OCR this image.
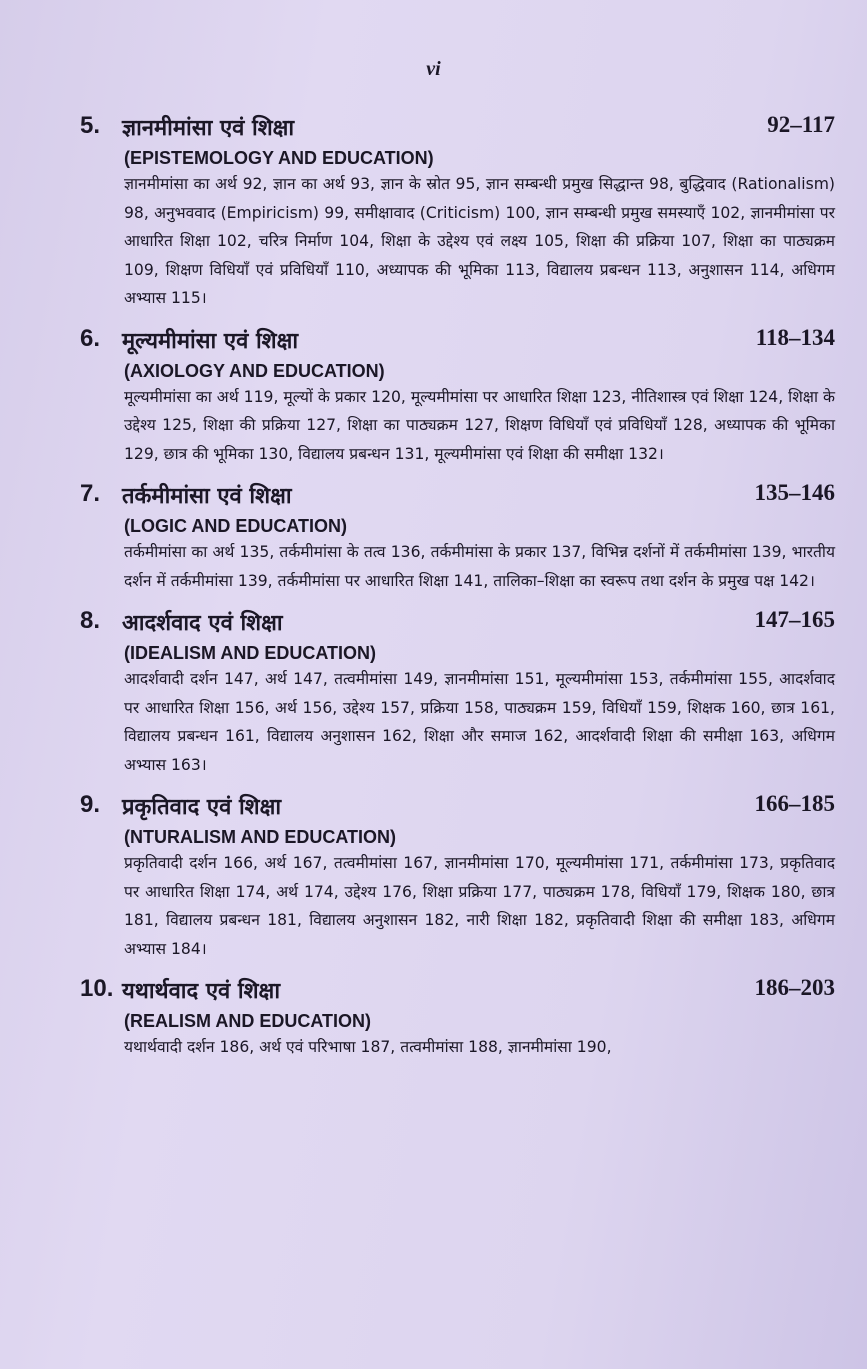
vi
5. ज्ञानमीमांसा एवं शिक्षा	92–117
(EPISTEMOLOGY AND EDUCATION)
ज्ञानमीमांसा का अर्थ 92, ज्ञान का अर्थ 93, ज्ञान के स्रोत 95, ज्ञान सम्बन्धी प्रमुख सिद्धान्त 98, बुद्धिवाद (Rationalism) 98, अनुभववाद (Empiricism) 99, समीक्षावाद (Criticism) 100, ज्ञान सम्बन्धी प्रमुख समस्याएँ 102, ज्ञानमीमांसा पर आधारित शिक्षा 102, चरित्र निर्माण 104, शिक्षा के उद्देश्य एवं लक्ष्य 105, शिक्षा की प्रक्रिया 107, शिक्षा का पाठ्यक्रम 109, शिक्षण विधियाँ एवं प्रविधियाँ 110, अध्यापक की भूमिका 113, विद्यालय प्रबन्धन 113, अनुशासन 114, अधिगम अभ्यास 115।
6. मूल्यमीमांसा एवं शिक्षा	118–134
(AXIOLOGY AND EDUCATION)
मूल्यमीमांसा का अर्थ 119, मूल्यों के प्रकार 120, मूल्यमीमांसा पर आधारित शिक्षा 123, नीतिशास्त्र एवं शिक्षा 124, शिक्षा के उद्देश्य 125, शिक्षा की प्रक्रिया 127, शिक्षा का पाठ्यक्रम 127, शिक्षण विधियाँ एवं प्रविधियाँ 128, अध्यापक की भूमिका 129, छात्र की भूमिका 130, विद्यालय प्रबन्धन 131, मूल्यमीमांसा एवं शिक्षा की समीक्षा 132।
7. तर्कमीमांसा एवं शिक्षा	135–146
(LOGIC AND EDUCATION)
तर्कमीमांसा का अर्थ 135, तर्कमीमांसा के तत्व 136, तर्कमीमांसा के प्रकार 137, विभिन्न दर्शनों में तर्कमीमांसा 139, भारतीय दर्शन में तर्कमीमांसा 139, तर्कमीमांसा पर आधारित शिक्षा 141, तालिका–शिक्षा का स्वरूप तथा दर्शन के प्रमुख पक्ष 142।
8. आदर्शवाद एवं शिक्षा	147–165
(IDEALISM AND EDUCATION)
आदर्शवादी दर्शन 147, अर्थ 147, तत्वमीमांसा 149, ज्ञानमीमांसा 151, मूल्यमीमांसा 153, तर्कमीमांसा 155, आदर्शवाद पर आधारित शिक्षा 156, अर्थ 156, उद्देश्य 157, प्रक्रिया 158, पाठ्यक्रम 159, विधियाँ 159, शिक्षक 160, छात्र 161, विद्यालय प्रबन्धन 161, विद्यालय अनुशासन 162, शिक्षा और समाज 162, आदर्शवादी शिक्षा की समीक्षा 163, अधिगम अभ्यास 163।
9. प्रकृतिवाद एवं शिक्षा	166–185
(NTURALISM AND EDUCATION)
प्रकृतिवादी दर्शन 166, अर्थ 167, तत्वमीमांसा 167, ज्ञानमीमांसा 170, मूल्यमीमांसा 171, तर्कमीमांसा 173, प्रकृतिवाद पर आधारित शिक्षा 174, अर्थ 174, उद्देश्य 176, शिक्षा प्रक्रिया 177, पाठ्यक्रम 178, विधियाँ 179, शिक्षक 180, छात्र 181, विद्यालय प्रबन्धन 181, विद्यालय अनुशासन 182, नारी शिक्षा 182, प्रकृतिवादी शिक्षा की समीक्षा 183, अधिगम अभ्यास 184।
10. यथार्थवाद एवं शिक्षा	186–203
(REALISM AND EDUCATION)
यथार्थवादी दर्शन 186, अर्थ एवं परिभाषा 187, तत्वमीमांसा 188, ज्ञानमीमांसा 190,
